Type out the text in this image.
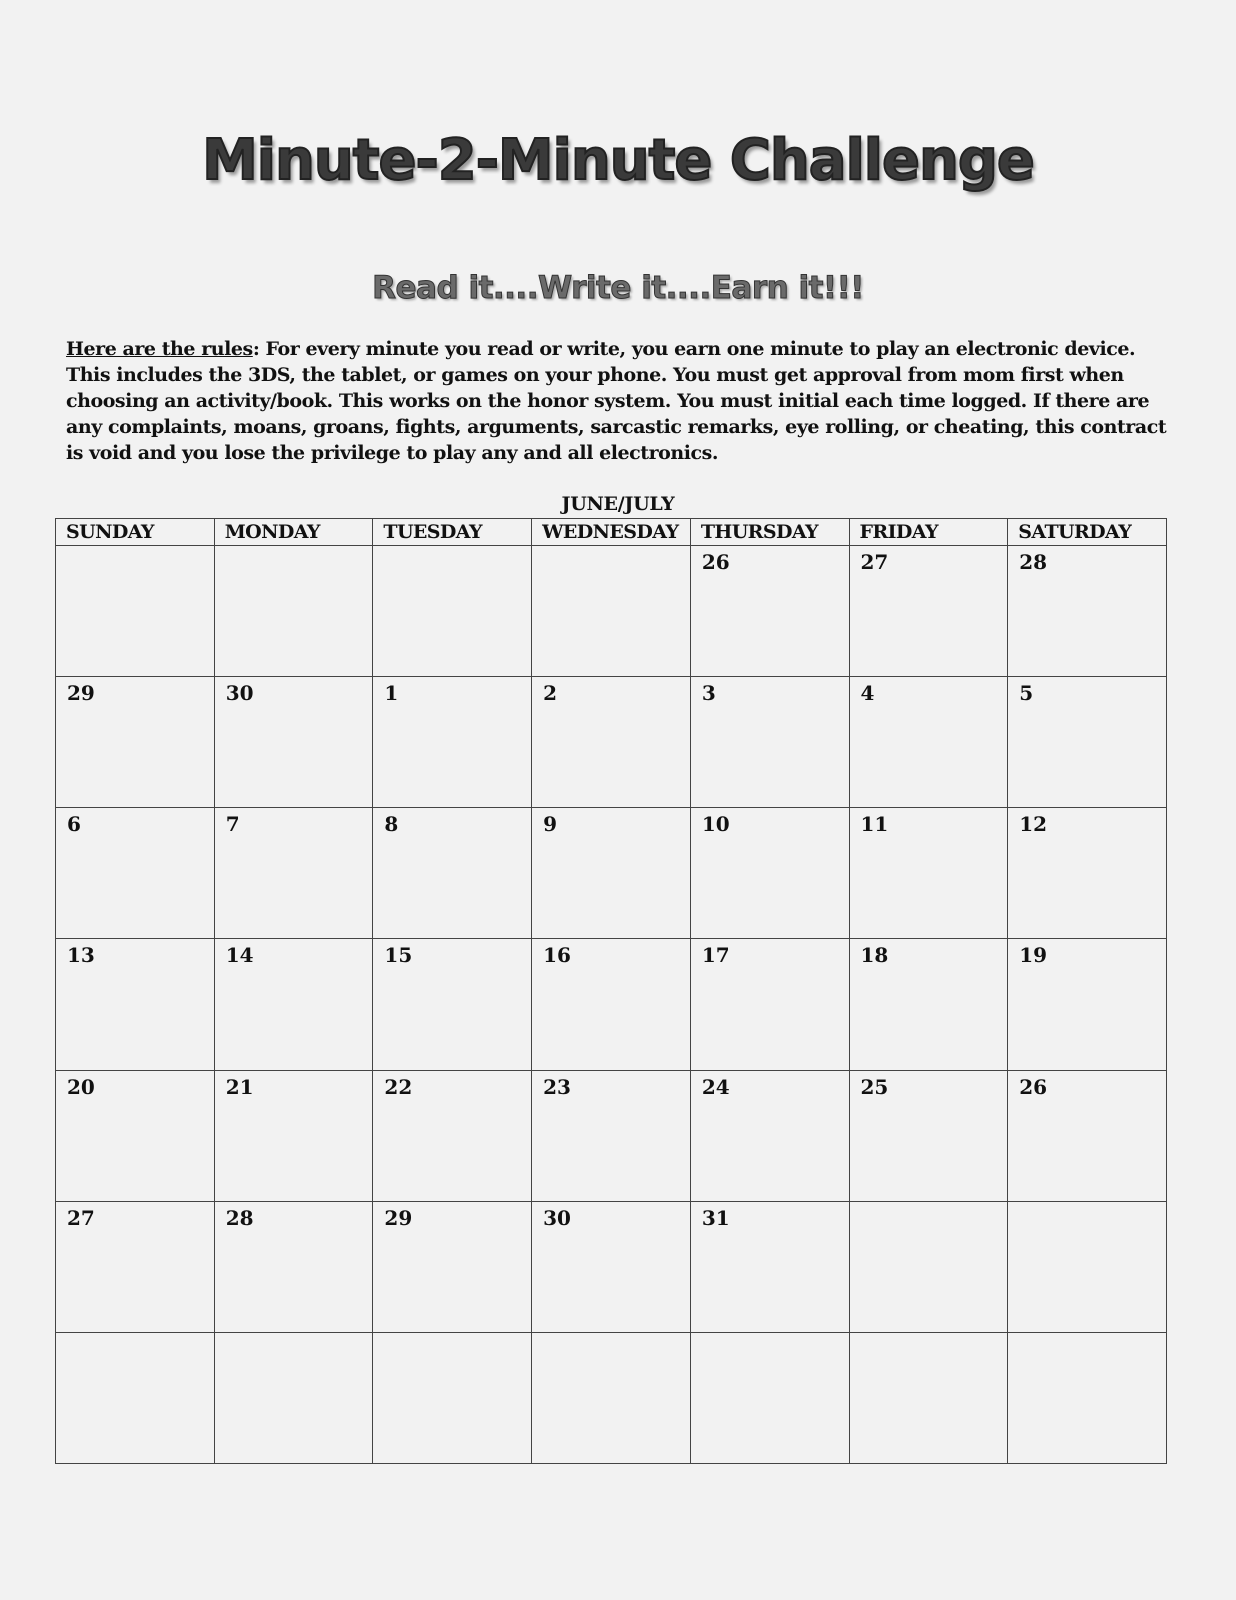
Minute-2-Minute Challenge
Read it....Write it....Earn it!!!
Here are the rules: For every minute you read or write, you earn one minute to play an electronic device. This includes the 3DS, the tablet, or games on your phone. You must get approval from mom first when choosing an activity/book. This works on the honor system. You must initial each time logged. If there are any complaints, moans, groans, fights, arguments, sarcastic remarks, eye rolling, or cheating, this contract is void and you lose the privilege to play any and all electronics.
JUNE/JULY
SUNDAY	MONDAY	TUESDAY	WEDNESDAY	THURSDAY	FRIDAY	SATURDAY

				26	27	28

29	30	1	2	3	4	5

6	7	8	9	10	11	12

13	14	15	16	17	18	19

20	21	22	23	24	25	26

27	28	29	30	31		
